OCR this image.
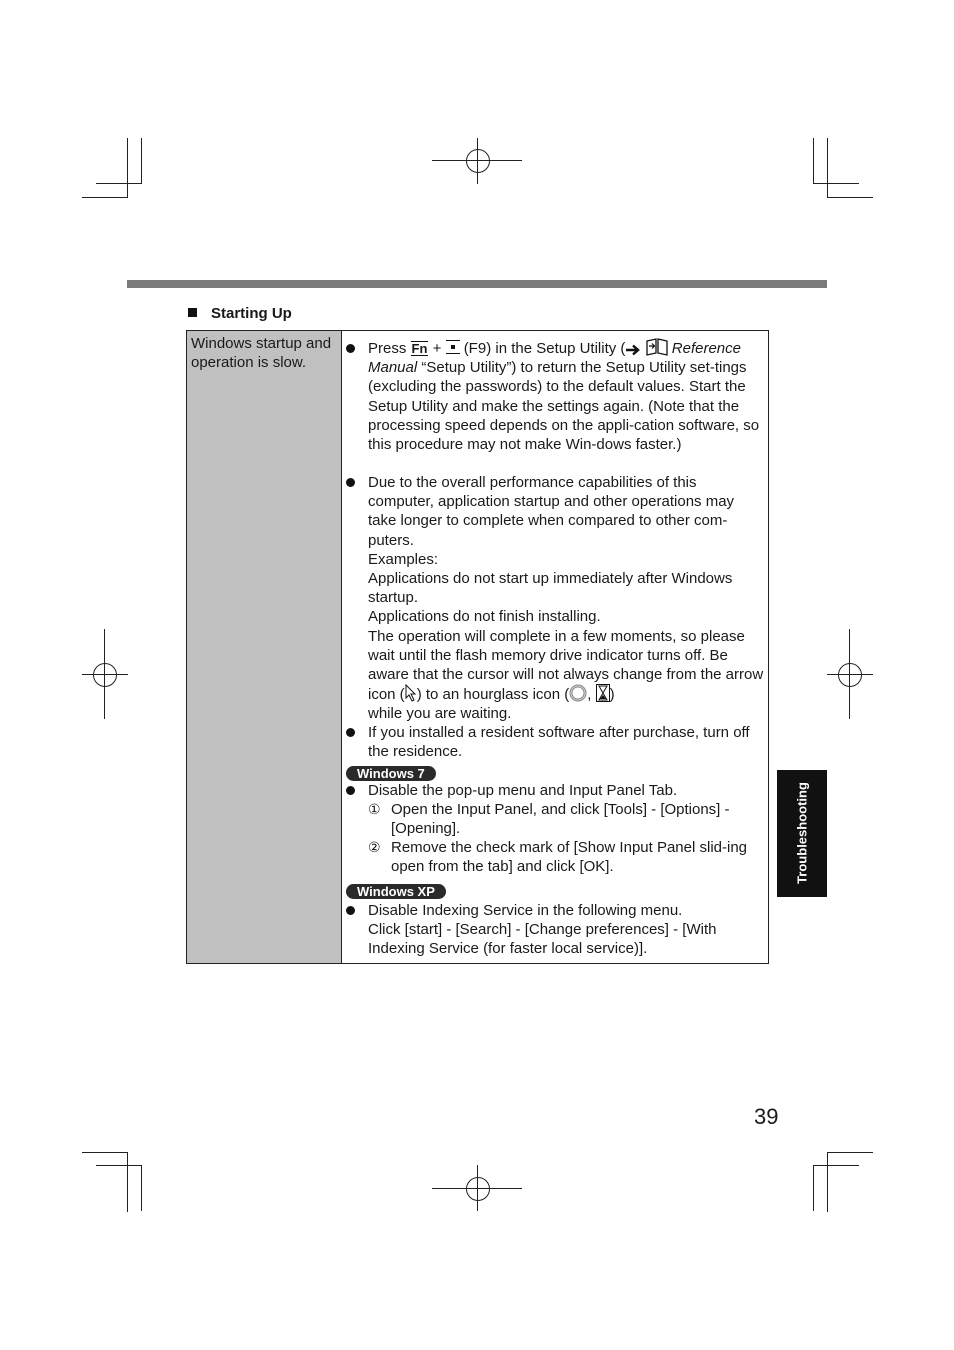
Starting Up
Windows startup and operation is slow.
Press Fn + (F9) in the Setup Utility (	Reference
Manual “Setup Utility”) to return the Setup Utility set-tings (excluding the passwords) to the default values. Start the Setup Utility and make the settings again. (Note that the processing speed depends on the appli-cation software, so this procedure may not make Win-dows faster.)
Due to the overall performance capabilities of this computer, application startup and other operations may take longer to complete when compared to other com-puters.
Examples:
Applications do not start up immediately after Windows startup.
Applications do not finish installing.
The operation will complete in a few moments, so please wait until the flash memory drive indicator turns off. Be aware that the cursor will not always change from the arrow icon ( ) to an hourglass icon ( , )
while you are waiting.
If you installed a resident software after purchase, turn off the residence.
Windows 7
Disable the pop-up menu and Input Panel Tab.
① Open the Input Panel, and click [Tools] - [Options] - [Opening].
② Remove the check mark of [Show Input Panel slid-ing open from the tab] and click [OK].
Windows XP
Disable Indexing Service in the following menu.
Click [start] - [Search] - [Change preferences] - [With Indexing Service (for faster local service)].
Troubleshooting
39
